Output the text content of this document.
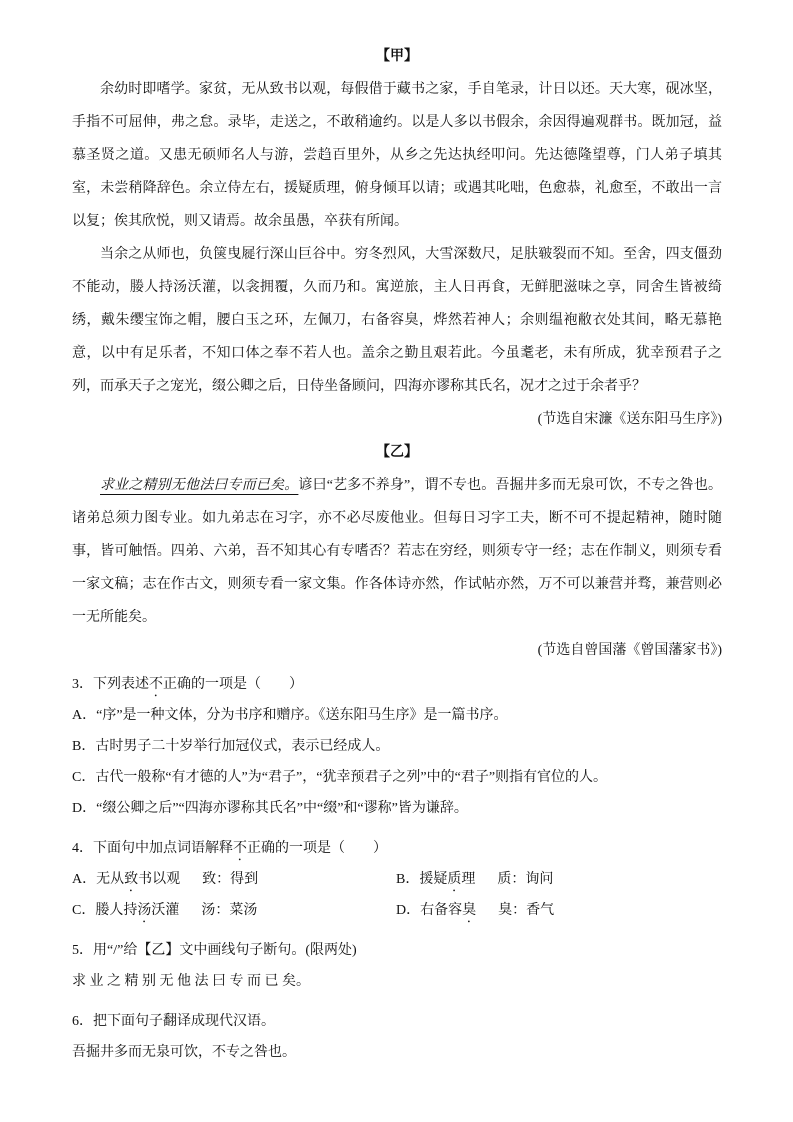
【甲】

余幼时即嗜学。家贫，无从致书以观，每假借于藏书之家，手自笔录，计日以还。天大寒，砚冰坚，手指不可屈伸，弗之怠。录毕，走送之，不敢稍逾约。以是人多以书假余，余因得遍观群书。既加冠，益慕圣贤之道。又患无硕师名人与游，尝趋百里外，从乡之先达执经叩问。先达德隆望尊，门人弟子填其室，未尝稍降辞色。余立侍左右，援疑质理，俯身倾耳以请；或遇其叱咄，色愈恭，礼愈至，不敢出一言以复；俟其欣悦，则又请焉。故余虽愚，卒获有所闻。

当余之从师也，负箧曳屣行深山巨谷中。穷冬烈风，大雪深数尺，足肤皲裂而不知。至舍，四支僵劲不能动，媵人持汤沃灌，以衾拥覆，久而乃和。寓逆旅，主人日再食，无鲜肥滋味之享，同舍生皆被绮绣，戴朱缨宝饰之帽，腰白玉之环，左佩刀，右备容臭，烨然若神人；余则缊袍敝衣处其间，略无慕艳意，以中有足乐者，不知口体之奉不若人也。盖余之勤且艰若此。今虽耄老，未有所成，犹幸预君子之列，而承天子之宠光，缀公卿之后，日侍坐备顾问，四海亦谬称其氏名，况才之过于余者乎？

(节选自宋濂《送东阳马生序》)

【乙】

求业之精别无他法曰专而已矣。谚曰“艺多不养身”，谓不专也。吾掘井多而无泉可饮，不专之咎也。诸弟总须力图专业。如九弟志在习字，亦不必尽废他业。但每日习字工夫，断不可不提起精神，随时随事，皆可触悟。四弟、六弟，吾不知其心有专嗜否？若志在穷经，则须专守一经；志在作制义，则须专看一家文稿；志在作古文，则须专看一家文集。作各体诗亦然，作试帖亦然，万不可以兼营并骛，兼营则必一无所能矣。

(节选自曾国藩《曾国藩家书》)

3．下列表述不正确的一项是（　　）

A．“序”是一种文体，分为书序和赠序。《送东阳马生序》是一篇书序。

B．古时男子二十岁举行加冠仪式，表示已经成人。

C．古代一般称“有才德的人”为“君子”，“犹幸预君子之列”中的“君子”则指有官位的人。

D．“缀公卿之后”“四海亦谬称其氏名”中“缀”和“谬称”皆为谦辞。

4．下面句中加点词语解释不正确的一项是（　　）

A．无从致书以观 致：得到	B．援疑质理 质：询问

C．媵人持汤沃灌 汤：菜汤	D．右备容臭 臭：香气

5．用“/”给【乙】文中画线句子断句。(限两处)

求 业 之 精 别 无 他 法 曰 专 而 已 矣。

6．把下面句子翻译成现代汉语。

吾掘井多而无泉可饮，不专之咎也。
